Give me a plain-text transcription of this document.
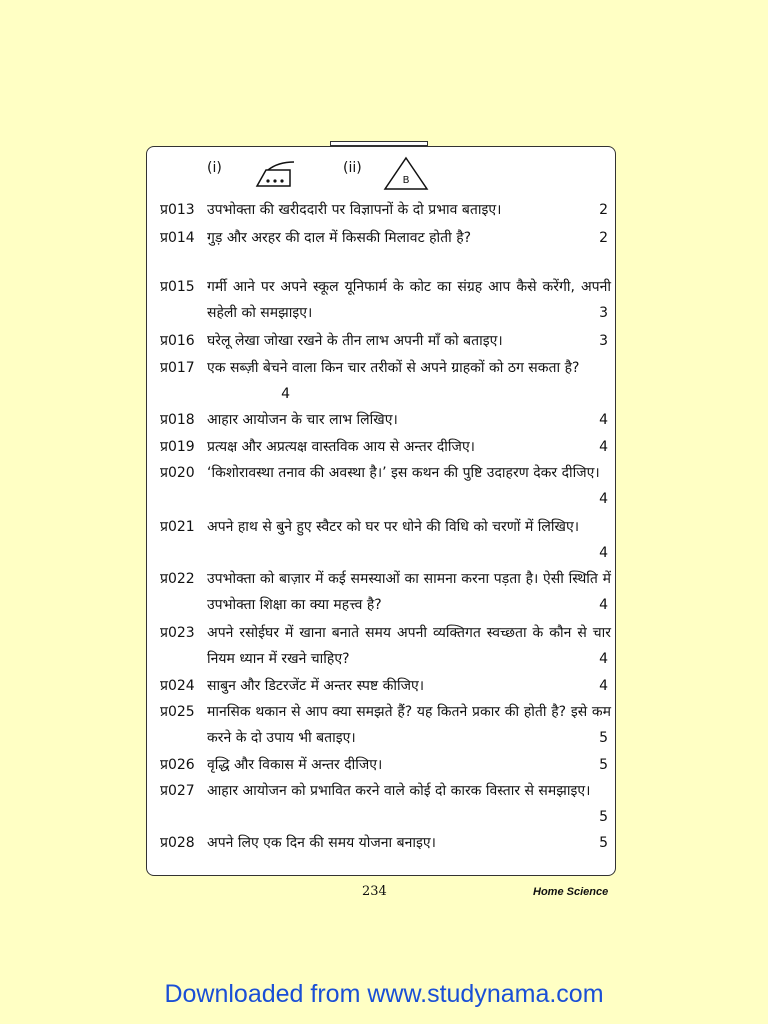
(i)	(ii)
B
प्र013 उपभोक्ता की खरीददारी पर विज्ञापनों के दो प्रभाव बताइए।	2
प्र014 गुड़ और अरहर की दाल में किसकी मिलावट होती है?	2
प्र015 गर्मी आने पर अपने स्कूल यूनिफार्म के कोट का संग्रह आप कैसे करेंगी, अपनी सहेली को समझाइए।	3
प्र016 घरेलू लेखा जोखा रखने के तीन लाभ अपनी माँ को बताइए।	3
प्र017 एक सब्ज़ी बेचने वाला किन चार तरीकों से अपने ग्राहकों को ठग सकता है?
4
प्र018 आहार आयोजन के चार लाभ लिखिए।	4
प्र019 प्रत्यक्ष और अप्रत्यक्ष वास्तविक आय से अन्तर दीजिए।	4
प्र020 ‘किशोरावस्था तनाव की अवस्था है।’ इस कथन की पुष्टि उदाहरण देकर दीजिए।
4
प्र021 अपने हाथ से बुने हुए स्वैटर को घर पर धोने की विधि को चरणों में लिखिए।
4
प्र022 उपभोक्ता को बाज़ार में कई समस्याओं का सामना करना पड़ता है। ऐसी स्थिति में उपभोक्ता शिक्षा का क्या महत्त्व है?	4
प्र023 अपने रसोईघर में खाना बनाते समय अपनी व्यक्तिगत स्वच्छता के कौन से चार नियम ध्यान में रखने चाहिए?	4
प्र024 साबुन और डिटरजेंट में अन्तर स्पष्ट कीजिए।	4
प्र025 मानसिक थकान से आप क्या समझते हैं? यह कितने प्रकार की होती है? इसे कम करने के दो उपाय भी बताइए।	5
प्र026 वृद्धि और विकास में अन्तर दीजिए।	5
प्र027 आहार आयोजन को प्रभावित करने वाले कोई दो कारक विस्तार से समझाइए।
5
प्र028 अपने लिए एक दिन की समय योजना बनाइए।	5
234	Home Science
Downloaded from www.studynama.com
